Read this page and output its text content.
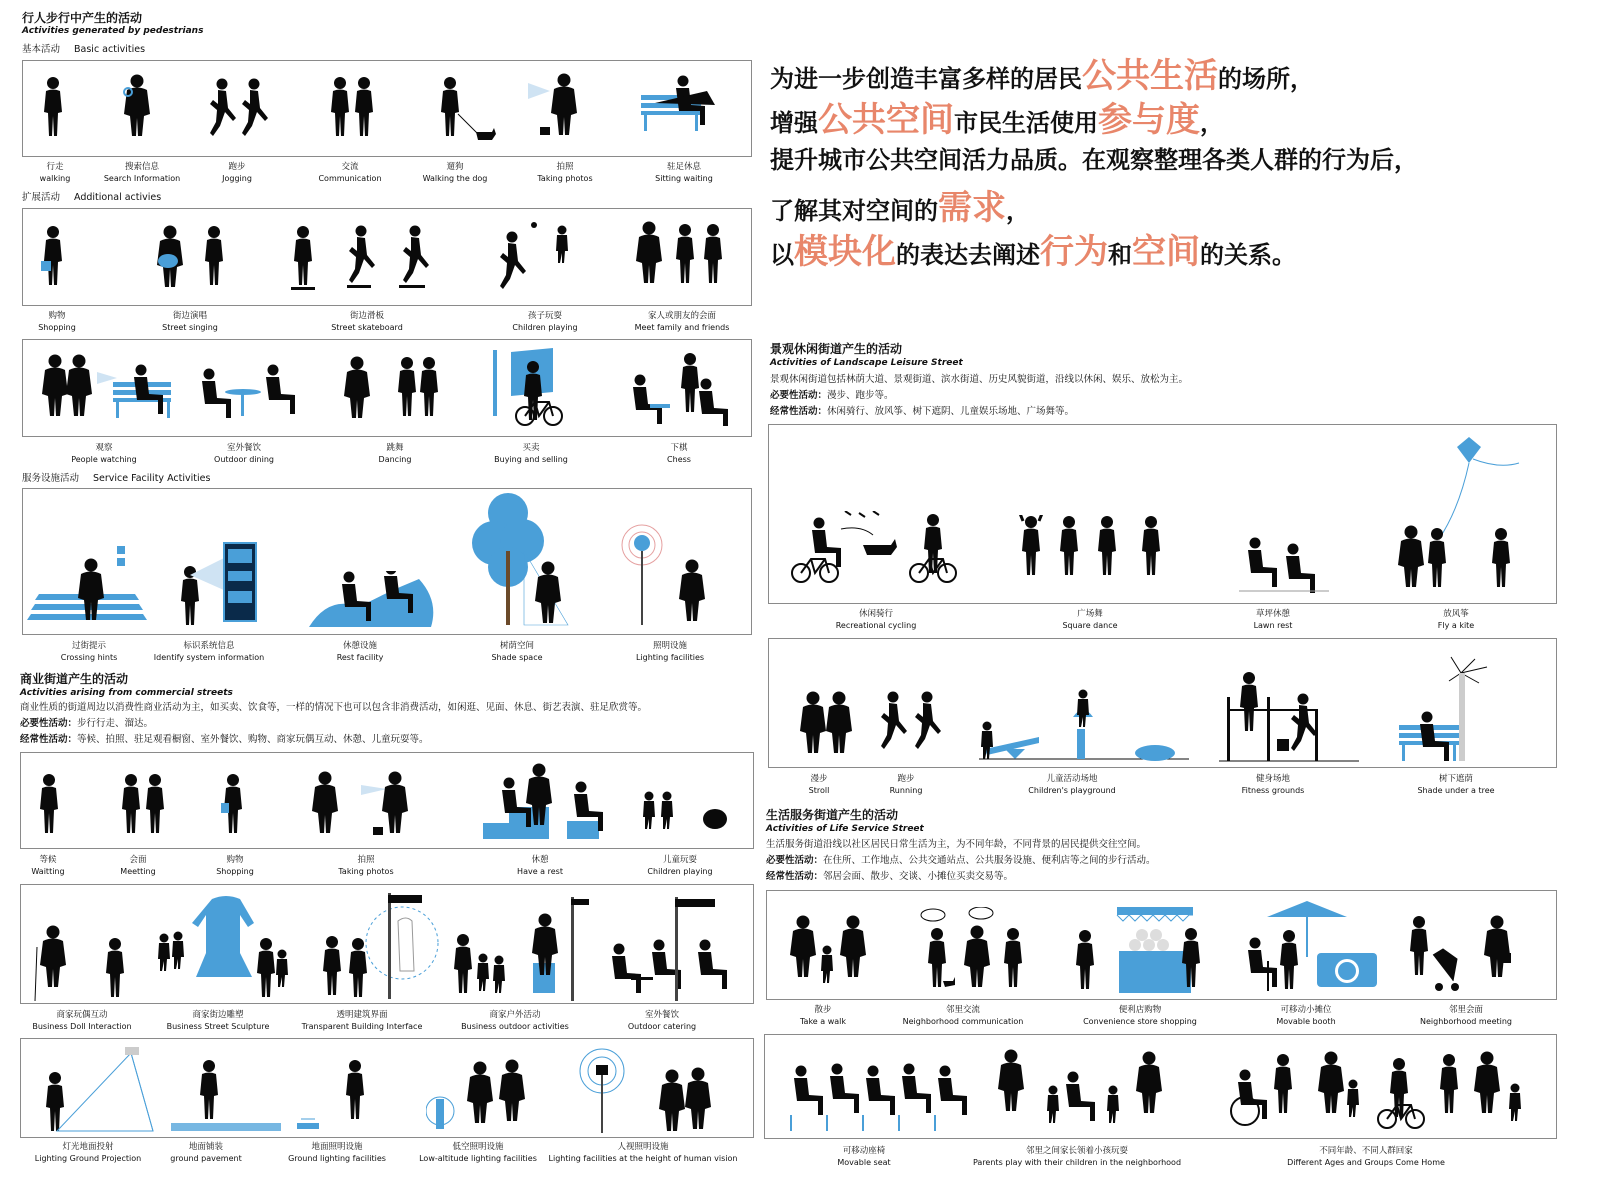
行人步行中产生的活动
Activities generated by pedestrians
基本活动 Basic activities
行走
walking
搜索信息
Search Information
跑步
Jogging
交流
Communication
遛狗
Walking the dog
拍照
Taking photos
驻足休息
Sitting waiting
扩展活动 Additional activies
购物
Shopping
街边演唱
Street singing
街边滑板
Street skateboard
孩子玩耍
Children playing
家人或朋友的会面
Meet family and friends
观察
People watching
室外餐饮
Outdoor dining
跳舞
Dancing
买卖
Buying and selling
下棋
Chess
服务设施活动 Service Facility Activities
过街提示
Crossing hints
标识系统信息
Identify system information
休憩设施
Rest facility
树荫空间
Shade space
照明设施
Lighting facilities
商业街道产生的活动
Activities arising from commercial streets
商业性质的街道周边以消费性商业活动为主，如买卖、饮食等，一样的情况下也可以包含非消费活动，如闲逛、见面、休息、街艺表演、驻足欣赏等。
必要性活动：步行行走、溜达。
经常性活动：等候、拍照、驻足观看橱窗、室外餐饮、购物、商家玩偶互动、休憩、儿童玩耍等。
等候
Waitting
会面
Meetting
购物
Shopping
拍照
Taking photos
休憩
Have a rest
儿童玩耍
Children playing
商家玩偶互动
Business Doll Interaction
商家街边雕塑
Business Street Sculpture
透明建筑界面
Transparent Building Interface
商家户外活动
Business outdoor activities
室外餐饮
Outdoor catering
灯光地面投射
Lighting Ground Projection
地面铺装
ground pavement
地面照明设施
Ground lighting facilities
低空照明设施
Low-altitude lighting facilities
人视照明设施
Lighting facilities at the height of human vision
为进一步创造丰富多样的居民公共生活的场所，
增强公共空间市民生活使用参与度，
提升城市公共空间活力品质。在观察整理各类人群的行为后，
了解其对空间的需求，
以模块化的表达去阐述行为和空间的关系。
景观休闲街道产生的活动
Activities of Landscape Leisure Street
景观休闲街道包括林荫大道、景观街道、滨水街道、历史风貌街道，沿线以休闲、娱乐、放松为主。
必要性活动：漫步、跑步等。
经常性活动：休闲骑行、放风筝、树下遮阴、儿童娱乐场地、广场舞等。
休闲骑行
Recreational cycling
广场舞
Square dance
草坪休憩
Lawn rest
放风筝
Fly a kite
漫步
Stroll
跑步
Running
儿童活动场地
Children's playground
健身场地
Fitness grounds
树下遮荫
Shade under a tree
生活服务街道产生的活动
Activities of Life Service Street
生活服务街道沿线以社区居民日常生活为主，为不同年龄，不同背景的居民提供交往空间。
必要性活动：在住所、工作地点、公共交通站点、公共服务设施、便利店等之间的步行活动。
经常性活动：邻居会面、散步、交谈、小摊位买卖交易等。
散步
Take a walk
邻里交流
Neighborhood communication
便利店购物
Convenience store shopping
可移动小摊位
Movable booth
邻里会面
Neighborhood meeting
可移动座椅
Movable seat
邻里之间家长领着小孩玩耍
Parents play with their children in the neighborhood
不同年龄、不同人群回家
Different Ages and Groups Come Home
